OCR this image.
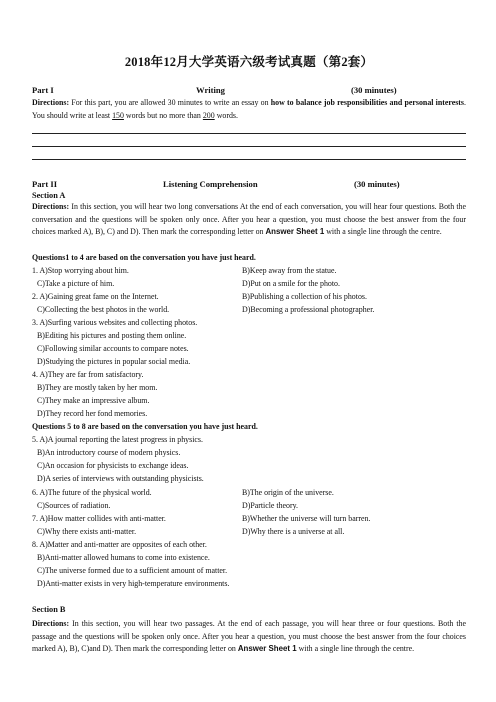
2018年12月大学英语六级考试真题（第2套）
Part I	Writing	(30 minutes)
Directions: For this part, you are allowed 30 minutes to write an essay on how to balance job responsibilities and personal interests. You should write at least 150 words but no more than 200 words.
Part II	Listening Comprehension	(30 minutes)
Section A
Directions: In this section, you will hear two long conversations At the end of each conversation, you will hear four questions. Both the conversation and the questions will be spoken only once. After you hear a question, you must choose the best answer from the four choices marked A), B), C) and D). Then mark the corresponding letter on Answer Sheet 1 with a single line through the centre.
Questions1 to 4 are based on the conversation you have just heard.
1. A)Stop worrying about him.	B)Keep away from the statue.
C)Take a picture of him.	D)Put on a smile for the photo.
2. A)Gaining great fame on the Internet.	B)Publishing a collection of his photos.
C)Collecting the best photos in the world.	D)Becoming a professional photographer.
3. A)Surfing various websites and collecting photos.
B)Editing his pictures and posting them online.
C)Following similar accounts to compare notes.
D)Studying the pictures in popular social media.
4. A)They are far from satisfactory.
B)They are mostly taken by her mom.
C)They make an impressive album.
D)They record her fond memories.
Questions 5 to 8 are based on the conversation you have just heard.
5. A)A journal reporting the latest progress in physics.
B)An introductory course of modern physics.
C)An occasion for physicists to exchange ideas.
D)A series of interviews with outstanding physicists.
6. A)The future of the physical world.	B)The origin of the universe.
C)Sources of radiation.	D)Particle theory.
7. A)How matter collides with anti-matter.	B)Whether the universe will turn barren.
C)Why there exists anti-matter.	D)Why there is a universe at all.
8. A)Matter and anti-matter are opposites of each other.
B)Anti-matter allowed humans to come into existence.
C)The universe formed due to a sufficient amount of matter.
D)Anti-matter exists in very high-temperature environments.
Section B
Directions: In this section, you will hear two passages. At the end of each passage, you will hear three or four questions. Both the passage and the questions will be spoken only once. After you hear a question, you must choose the best answer from the four choices marked A), B), C)and D). Then mark the corresponding letter on Answer Sheet 1 with a single line through the centre.
